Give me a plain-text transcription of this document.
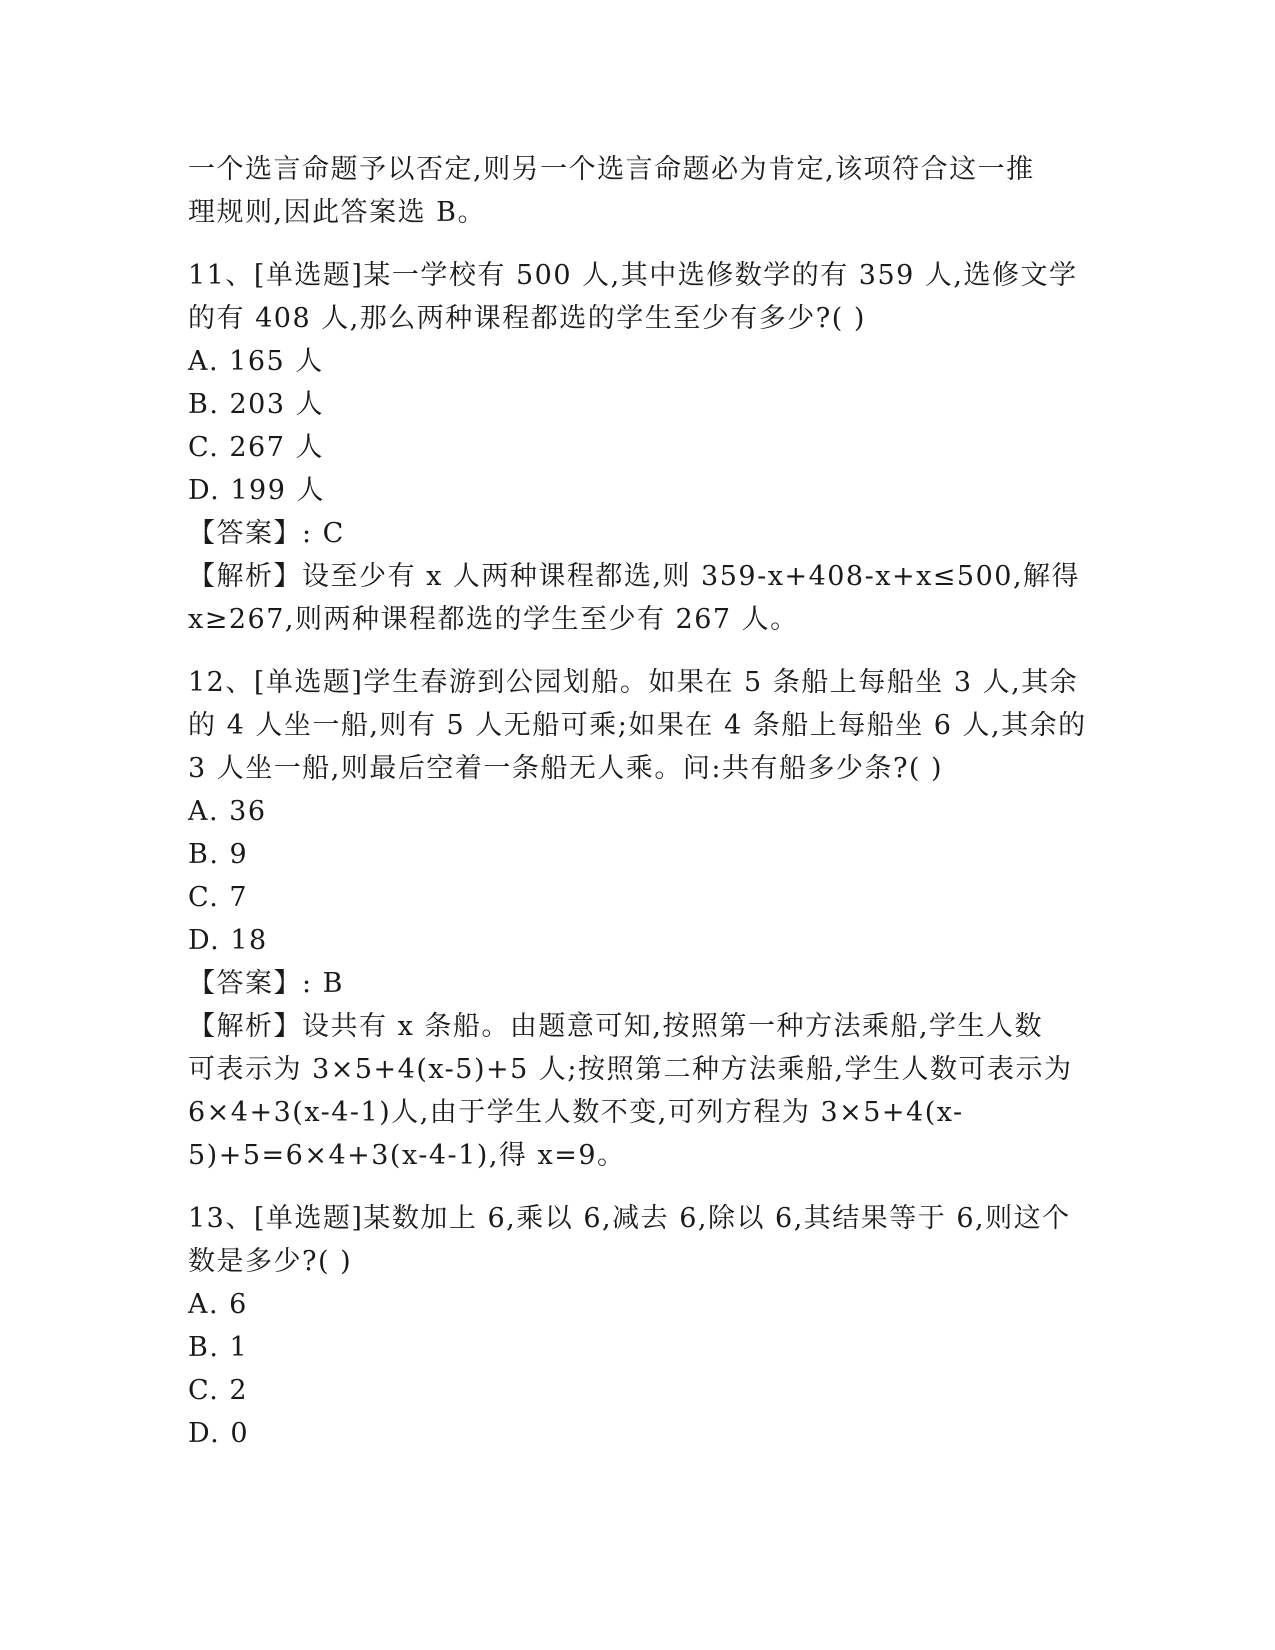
一个选言命题予以否定,则另一个选言命题必为肯定,该项符合这一推
理规则,因此答案选 B。
11、[单选题]某一学校有 500 人,其中选修数学的有 359 人,选修文学
的有 408 人,那么两种课程都选的学生至少有多少?( )
A. 165 人
B. 203 人
C. 267 人
D. 199 人
【答案】: C
【解析】设至少有 x 人两种课程都选,则 359-x+408-x+x≤500,解得
x≥267,则两种课程都选的学生至少有 267 人。
12、[单选题]学生春游到公园划船。如果在 5 条船上每船坐 3 人,其余
的 4 人坐一船,则有 5 人无船可乘;如果在 4 条船上每船坐 6 人,其余的
3 人坐一船,则最后空着一条船无人乘。问:共有船多少条?( )
A. 36
B. 9
C. 7
D. 18
【答案】: B
【解析】设共有 x 条船。由题意可知,按照第一种方法乘船,学生人数
可表示为 3×5+4(x-5)+5 人;按照第二种方法乘船,学生人数可表示为
6×4+3(x-4-1)人,由于学生人数不变,可列方程为 3×5+4(x-
5)+5=6×4+3(x-4-1),得 x=9。
13、[单选题]某数加上 6,乘以 6,减去 6,除以 6,其结果等于 6,则这个
数是多少?( )
A. 6
B. 1
C. 2
D. 0
